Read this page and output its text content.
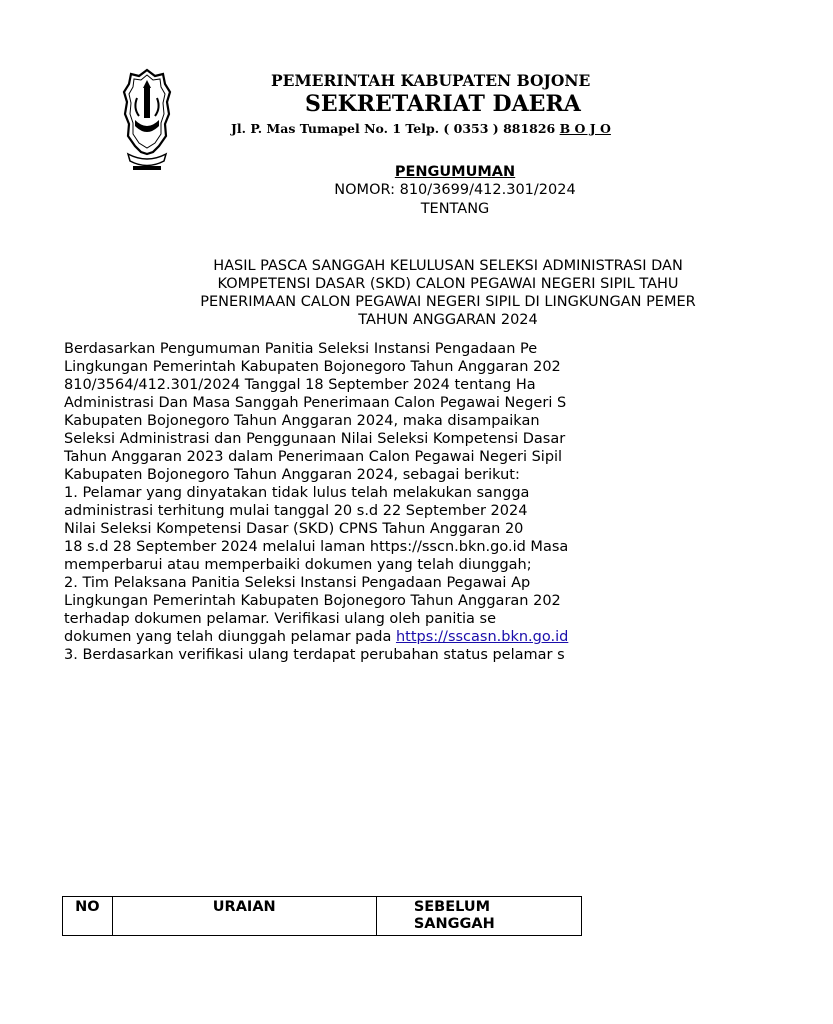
PEMERINTAH KABUPATEN BOJONE
SEKRETARIAT DAERA
Jl. P. Mas Tumapel No. 1 Telp. ( 0353 ) 881826 B O J O
PENGUMUMAN
NOMOR: 810/3699/412.301/2024
TENTANG
HASIL PASCA SANGGAH KELULUSAN SELEKSI ADMINISTRASI DAN
KOMPETENSI DASAR (SKD) CALON PEGAWAI NEGERI SIPIL TAHU
PENERIMAAN CALON PEGAWAI NEGERI SIPIL DI LINGKUNGAN PEMER
TAHUN ANGGARAN 2024
Berdasarkan Pengumuman Panitia Seleksi Instansi Pengadaan Pe
Lingkungan Pemerintah Kabupaten Bojonegoro Tahun Anggaran 202
810/3564/412.301/2024 Tanggal 18 September 2024 tentang Ha
Administrasi Dan Masa Sanggah Penerimaan Calon Pegawai Negeri S
Kabupaten Bojonegoro Tahun Anggaran 2024, maka disampaikan
Seleksi Administrasi dan Penggunaan Nilai Seleksi Kompetensi Dasar
Tahun Anggaran 2023 dalam Penerimaan Calon Pegawai Negeri Sipil
Kabupaten Bojonegoro Tahun Anggaran 2024, sebagai berikut:
1. Pelamar yang dinyatakan tidak lulus telah melakukan sangga
administrasi terhitung mulai tanggal 20 s.d 22 September 2024
Nilai Seleksi Kompetensi Dasar (SKD) CPNS Tahun Anggaran 20
18 s.d 28 September 2024 melalui laman https://sscn.bkn.go.id Masa
memperbarui atau memperbaiki dokumen yang telah diunggah;
2. Tim Pelaksana Panitia Seleksi Instansi Pengadaan Pegawai Ap
Lingkungan Pemerintah Kabupaten Bojonegoro Tahun Anggaran 202
terhadap dokumen pelamar. Verifikasi ulang oleh panitia se
dokumen yang telah diunggah pelamar pada https://sscasn.bkn.go.id
3. Berdasarkan verifikasi ulang terdapat perubahan status pelamar s
NO	URAIAN	SEBELUM SANGGAH
